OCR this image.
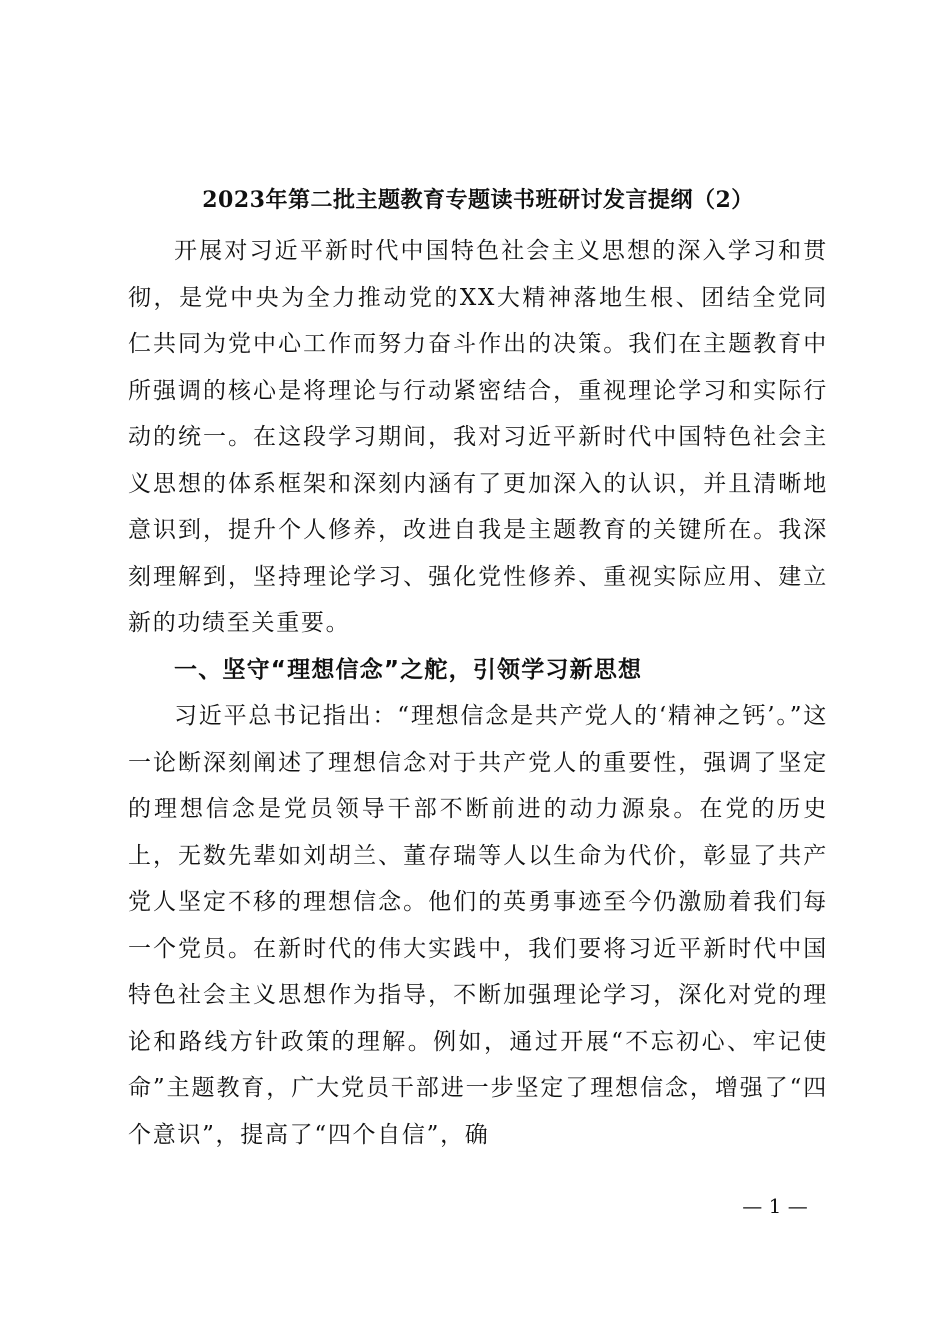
2023年第二批主题教育专题读书班研讨发言提纲（2）

开展对习近平新时代中国特色社会主义思想的深入学习和贯彻，是党中央为全力推动党的XX大精神落地生根、团结全党同仁共同为党中心工作而努力奋斗作出的决策。我们在主题教育中所强调的核心是将理论与行动紧密结合，重视理论学习和实际行动的统一。在这段学习期间，我对习近平新时代中国特色社会主义思想的体系框架和深刻内涵有了更加深入的认识，并且清晰地意识到，提升个人修养，改进自我是主题教育的关键所在。我深刻理解到，坚持理论学习、强化党性修养、重视实际应用、建立新的功绩至关重要。

一、坚守“理想信念”之舵，引领学习新思想

习近平总书记指出：“理想信念是共产党人的‘精神之钙’。”这一论断深刻阐述了理想信念对于共产党人的重要性，强调了坚定的理想信念是党员领导干部不断前进的动力源泉。在党的历史上，无数先辈如刘胡兰、董存瑞等人以生命为代价，彰显了共产党人坚定不移的理想信念。他们的英勇事迹至今仍激励着我们每一个党员。在新时代的伟大实践中，我们要将习近平新时代中国特色社会主义思想作为指导，不断加强理论学习，深化对党的理论和路线方针政策的理解。例如，通过开展“不忘初心、牢记使命”主题教育，广大党员干部进一步坚定了理想信念，增强了“四个意识”，提高了“四个自信”，确

— 1 —
